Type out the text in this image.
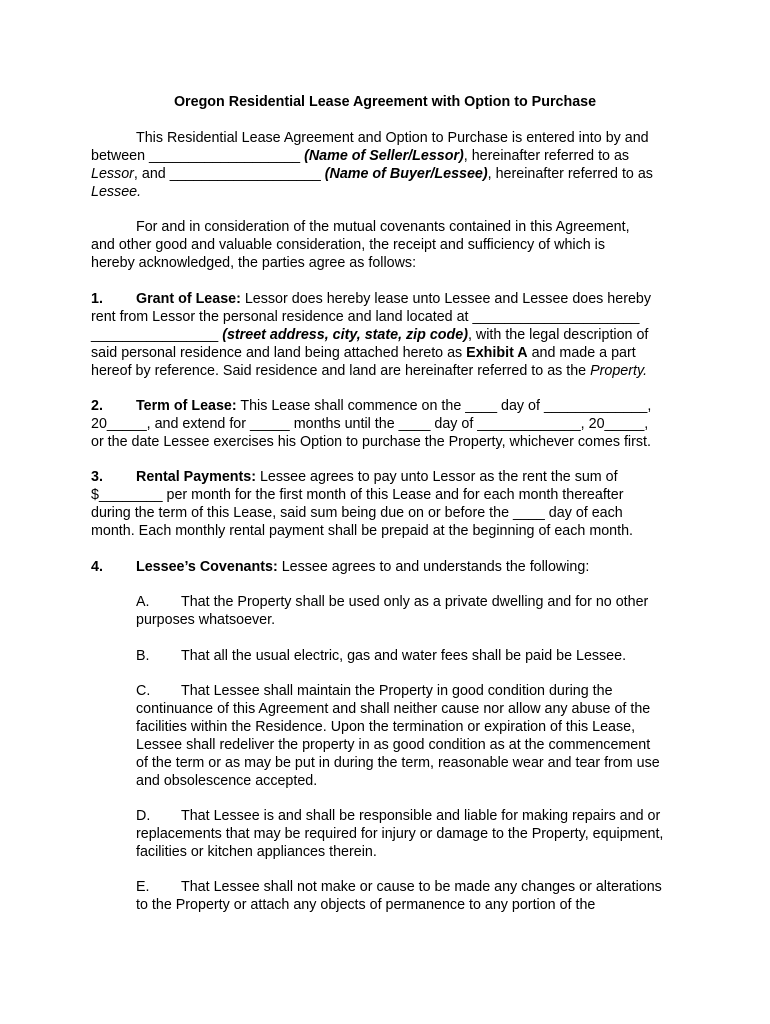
Oregon Residential Lease Agreement with Option to Purchase

This Residential Lease Agreement and Option to Purchase is entered into by and

between ___________________ (Name of Seller/Lessor), hereinafter referred to as

Lessor, and ___________________ (Name of Buyer/Lessee), hereinafter referred to as

Lessee.

For and in consideration of the mutual covenants contained in this Agreement,

and other good and valuable consideration, the receipt and sufficiency of which is

hereby acknowledged, the parties agree as follows:

1. Grant of Lease: Lessor does hereby lease unto Lessee and Lessee does hereby

rent from Lessor the personal residence and land located at _____________________

________________ (street address, city, state, zip code), with the legal description of

said personal residence and land being attached hereto as Exhibit A and made a part

hereof by reference. Said residence and land are hereinafter referred to as the Property.

2. Term of Lease: This Lease shall commence on the ____ day of _____________,

20_____, and extend for _____ months until the ____ day of _____________, 20_____,

or the date Lessee exercises his Option to purchase the Property, whichever comes first.

3. Rental Payments: Lessee agrees to pay unto Lessor as the rent the sum of

$________ per month for the first month of this Lease and for each month thereafter

during the term of this Lease, said sum being due on or before the ____ day of each

month. Each monthly rental payment shall be prepaid at the beginning of each month.

4. Lessee’s Covenants: Lessee agrees to and understands the following:

A. That the Property shall be used only as a private dwelling and for no other

purposes whatsoever.

B. That all the usual electric, gas and water fees shall be paid be Lessee.

C. That Lessee shall maintain the Property in good condition during the

continuance of this Agreement and shall neither cause nor allow any abuse of the

facilities within the Residence. Upon the termination or expiration of this Lease,

Lessee shall redeliver the property in as good condition as at the commencement

of the term or as may be put in during the term, reasonable wear and tear from use

and obsolescence accepted.

D. That Lessee is and shall be responsible and liable for making repairs and or

replacements that may be required for injury or damage to the Property, equipment,

facilities or kitchen appliances therein.

E. That Lessee shall not make or cause to be made any changes or alterations

to the Property or attach any objects of permanence to any portion of the
